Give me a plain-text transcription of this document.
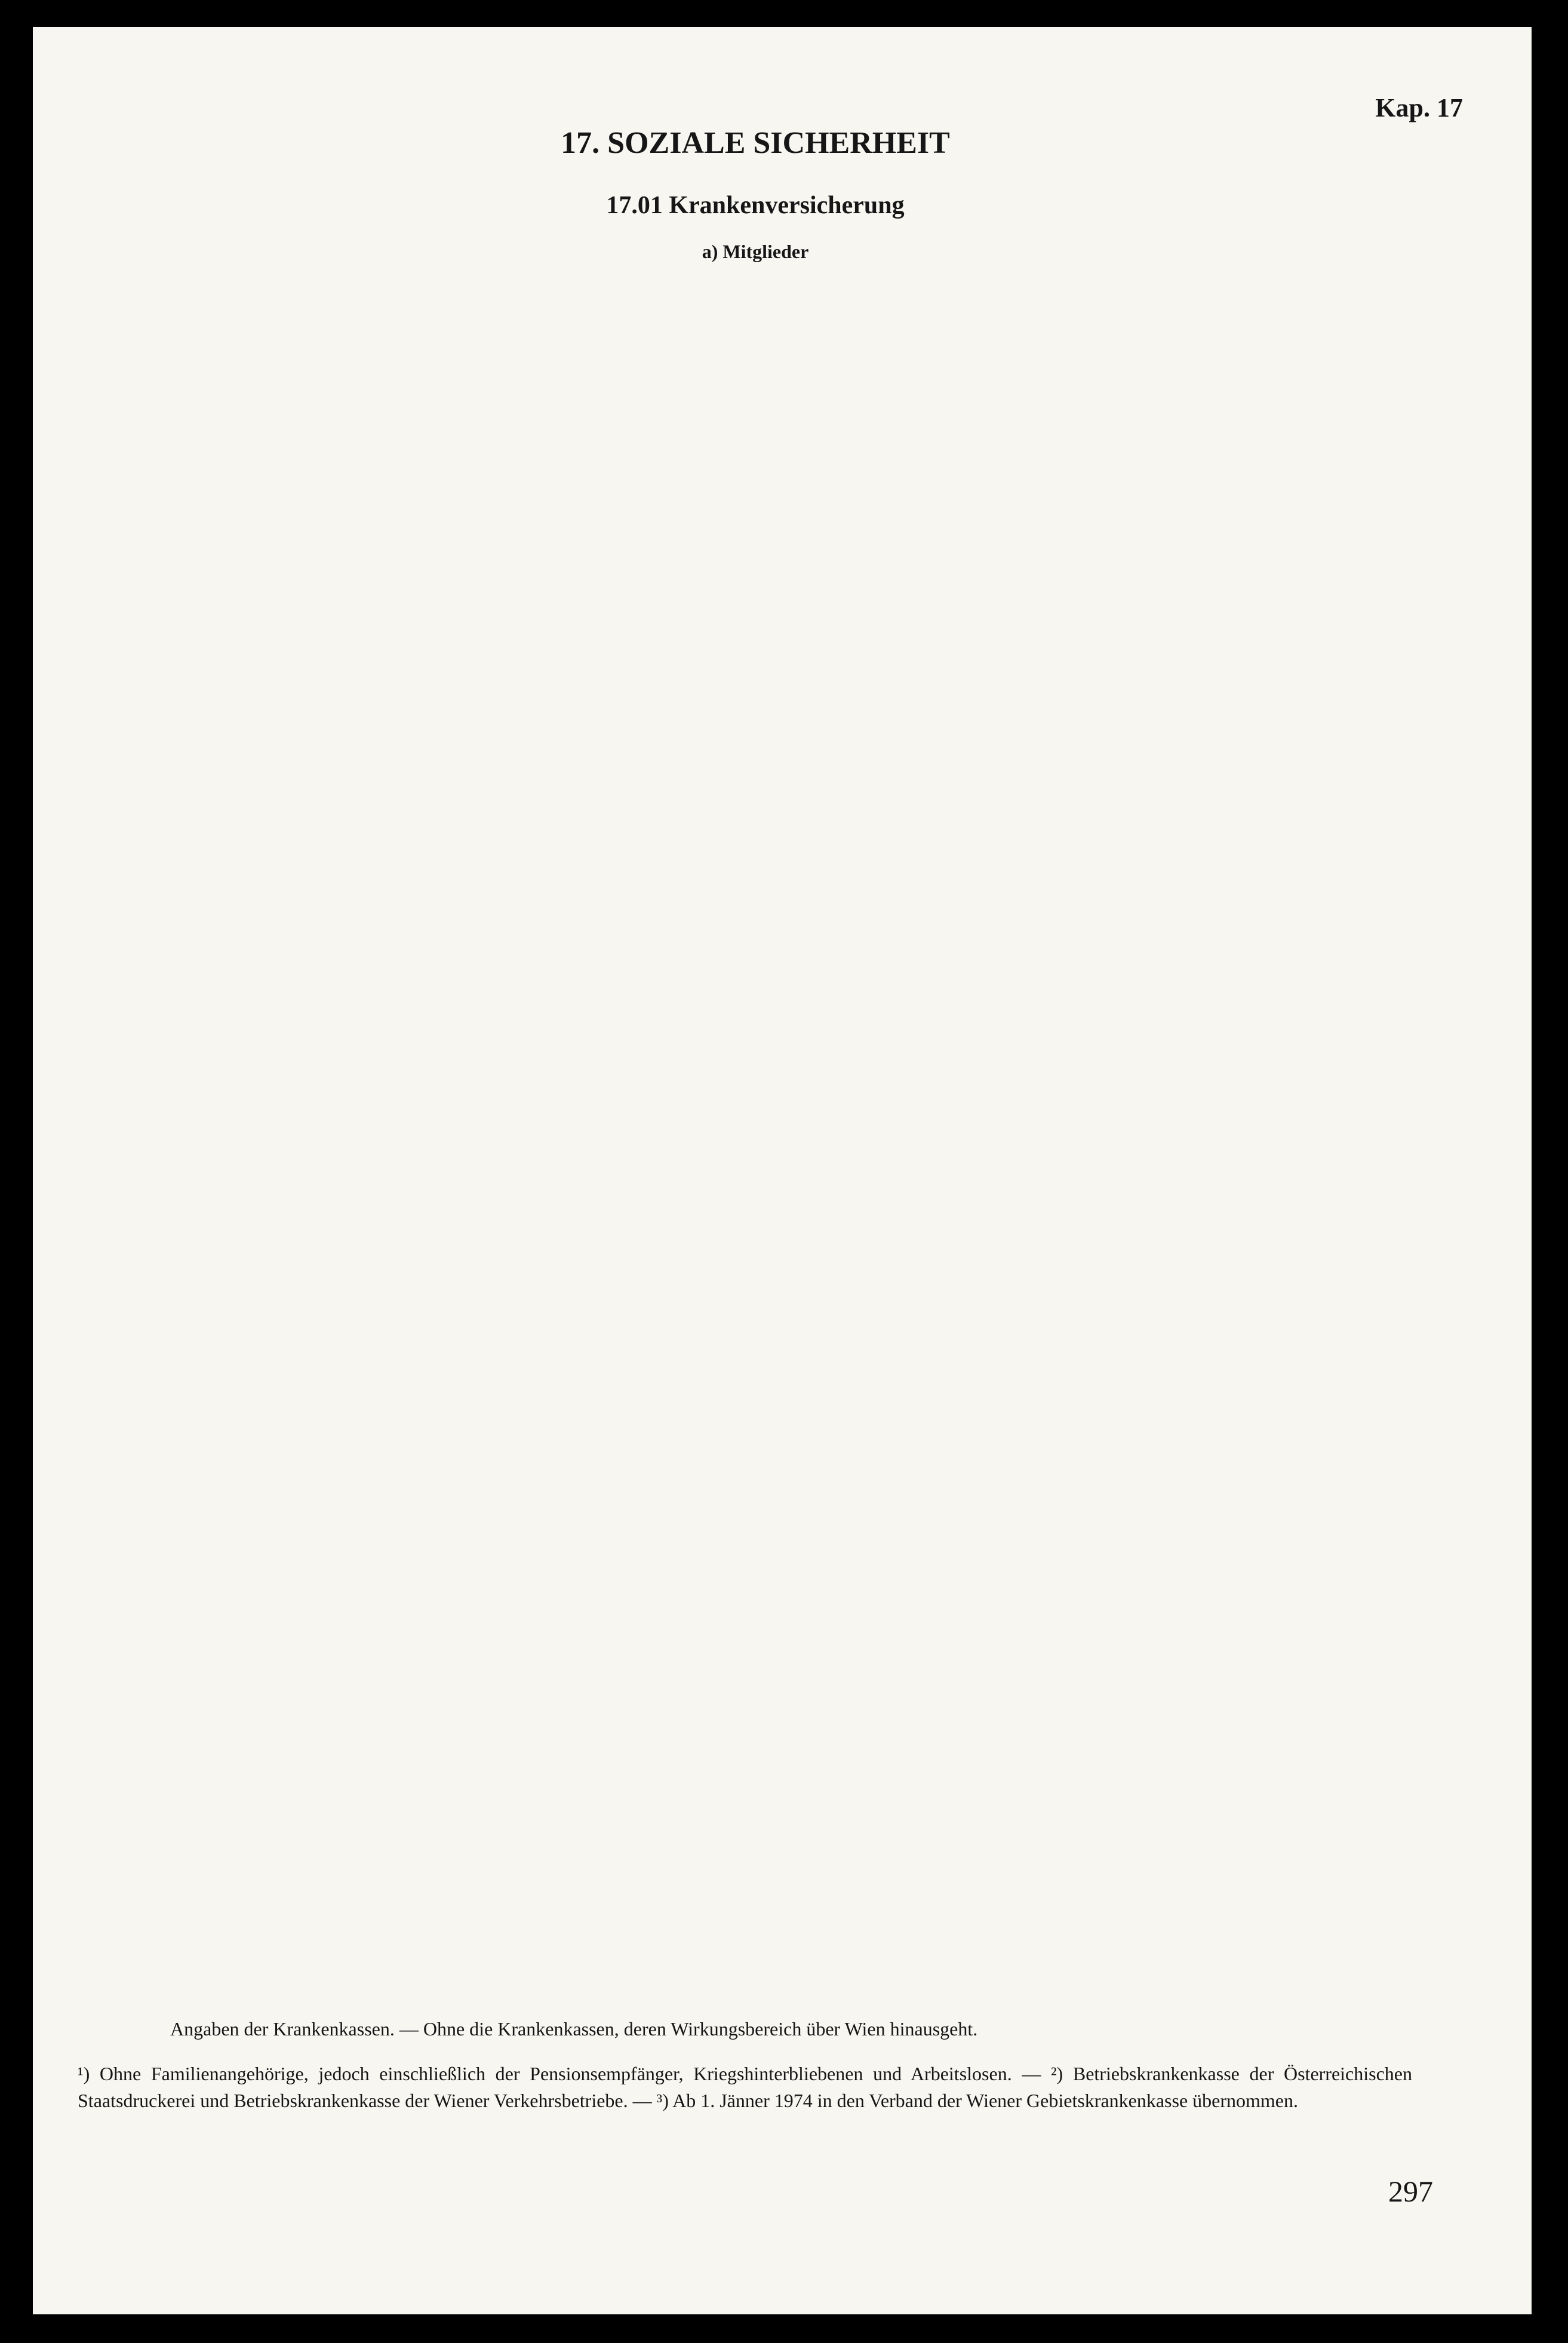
Kap. 17
17. SOZIALE SICHERHEIT
17.01 Krankenversicherung
a) Mitglieder
Angaben der Krankenkassen. — Ohne die Krankenkassen, deren Wirkungsbereich über Wien hinausgeht.
¹) Ohne Familienangehörige, jedoch einschließlich der Pensionsempfänger, Kriegshinterbliebenen und Arbeitslosen. — ²) Betriebskrankenkasse der Österreichischen Staatsdruckerei und Betriebskrankenkasse der Wiener Verkehrsbetriebe. — ³) Ab 1. Jänner 1974 in den Verband der Wiener Gebietskrankenkasse übernommen.
297
